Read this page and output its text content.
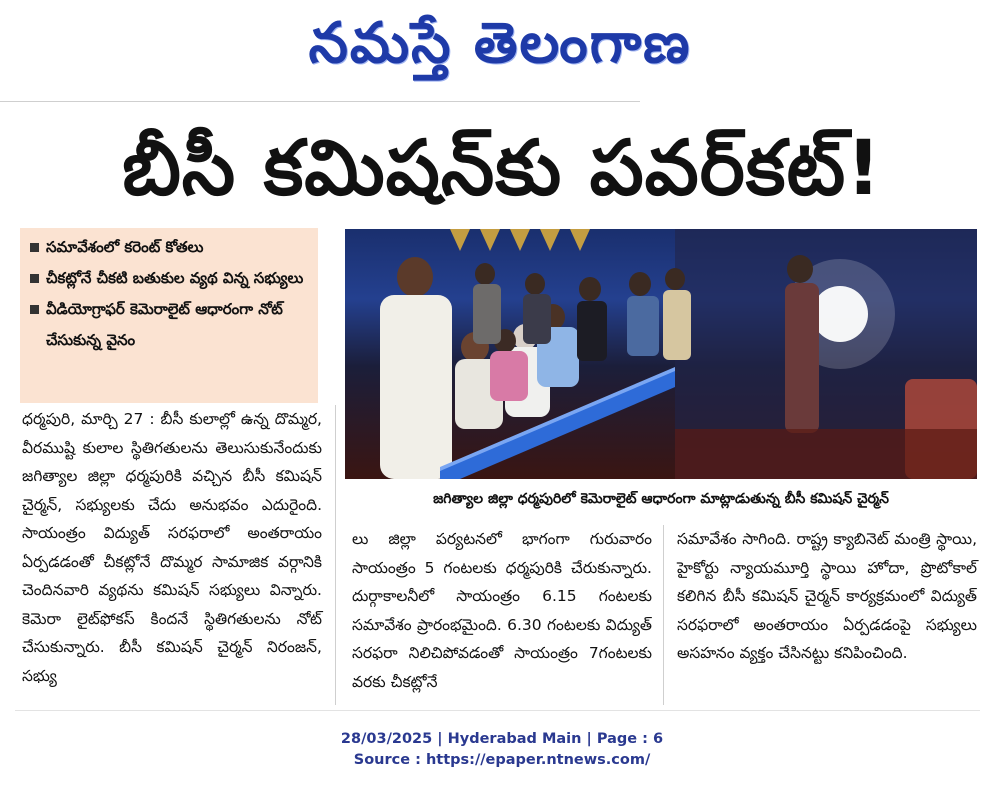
నమస్తే తెలంగాణ
బీసీ కమిషన్‌కు పవర్‌కట్!
సమావేశంలో కరెంట్ కోతలు
చీకట్లోనే చీకటి బతుకుల వ్యథ విన్న సభ్యులు
వీడియోగ్రాఫర్ కెమెరాలైట్ ఆధారంగా నోట్ చేసుకున్న వైనం
జగిత్యాల జిల్లా ధర్మపురిలో కెమెరాలైట్ ఆధారంగా మాట్లాడుతున్న బీసీ కమిషన్ చైర్మన్
ధర్మపురి, మార్చి 27 : బీసీ కులాల్లో ఉన్న దొమ్మర, వీరముష్టి కులాల స్థితిగతులను తెలుసుకునేందుకు జగిత్యాల జిల్లా ధర్మపురికి వచ్చిన బీసీ కమిషన్ చైర్మన్, సభ్యులకు చేదు అనుభవం ఎదురైంది. సాయంత్రం విద్యుత్ సరఫరాలో అంతరాయం ఏర్పడడంతో చీకట్లోనే దొమ్మర సామాజిక వర్గానికి చెందినవారి వ్యథను కమిషన్ సభ్యులు విన్నారు. కెమెరా లైట్‌ఫోకస్ కిందనే స్థితిగతులను నోట్ చేసుకున్నారు. బీసీ కమిషన్ చైర్మన్ నిరంజన్, సభ్యు
లు జిల్లా పర్యటనలో భాగంగా గురువారం సాయంత్రం 5 గంటలకు ధర్మపురికి చేరుకున్నారు. దుర్గాకాలనీలో సాయంత్రం 6.15 గంటలకు సమావేశం ప్రారంభమైంది. 6.30 గంటలకు విద్యుత్ సరఫరా నిలిచిపోవడంతో సాయంత్రం 7గంటలకు వరకు చీకట్లోనే
సమావేశం సాగింది. రాష్ట్ర క్యాబినెట్ మంత్రి స్థాయి, హైకోర్టు న్యాయమూర్తి స్థాయి హోదా, ప్రొటోకాల్ కలిగిన బీసీ కమిషన్ చైర్మన్ కార్యక్రమంలో విద్యుత్ సరఫరాలో అంతరాయం ఏర్పడడంపై సభ్యులు అసహనం వ్యక్తం చేసినట్టు కనిపించింది.
28/03/2025 | Hyderabad Main | Page : 6
Source : https://epaper.ntnews.com/
